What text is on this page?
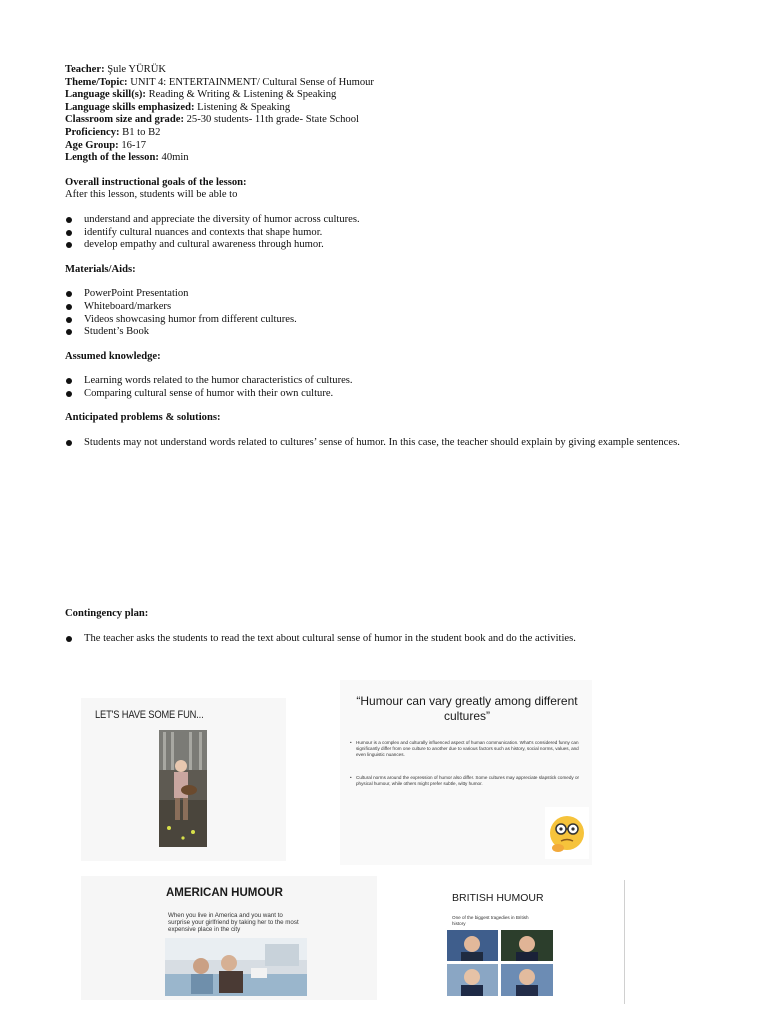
Teacher: Şule YÜRÜK
Theme/Topic: UNIT 4: ENTERTAINMENT/ Cultural Sense of Humour
Language skill(s): Reading & Writing & Listening & Speaking
Language skills emphasized: Listening & Speaking
Classroom size and grade: 25-30 students- 11th grade- State School
Proficiency: B1 to B2
Age Group: 16-17
Length of the lesson: 40min
Overall instructional goals of the lesson:
After this lesson, students will be able to
understand and appreciate the diversity of humor across cultures.
identify cultural nuances and contexts that shape humor.
develop empathy and cultural awareness through humor.
Materials/Aids:
PowerPoint Presentation
Whiteboard/markers
Videos showcasing humor from different cultures.
Student’s Book
Assumed knowledge:
Learning words related to the humor characteristics of cultures.
Comparing cultural sense of humor with their own culture.
Anticipated problems & solutions:
Students may not understand words related to cultures’ sense of humor. In this case, the teacher should explain by giving example sentences.
Contingency plan:
The teacher asks the students to read the text about cultural sense of humor in the student book and do the activities.
LET'S HAVE SOME FUN...
“Humour can vary greatly among different cultures”
• Humour is a complex and culturally influenced aspect of human communication. What's considered funny can significantly differ from one culture to another due to various factors such as history, social norms, values, and even linguistic nuances.
• Cultural norms around the expression of humor also differ. Some cultures may appreciate slapstick comedy or physical humour, while others might prefer subtle, witty humor.
AMERICAN HUMOUR
When you live in America and you want to surprise your girlfriend by taking her to the most expensive place in the city
BRITISH HUMOUR
One of the biggest tragedies in British history
